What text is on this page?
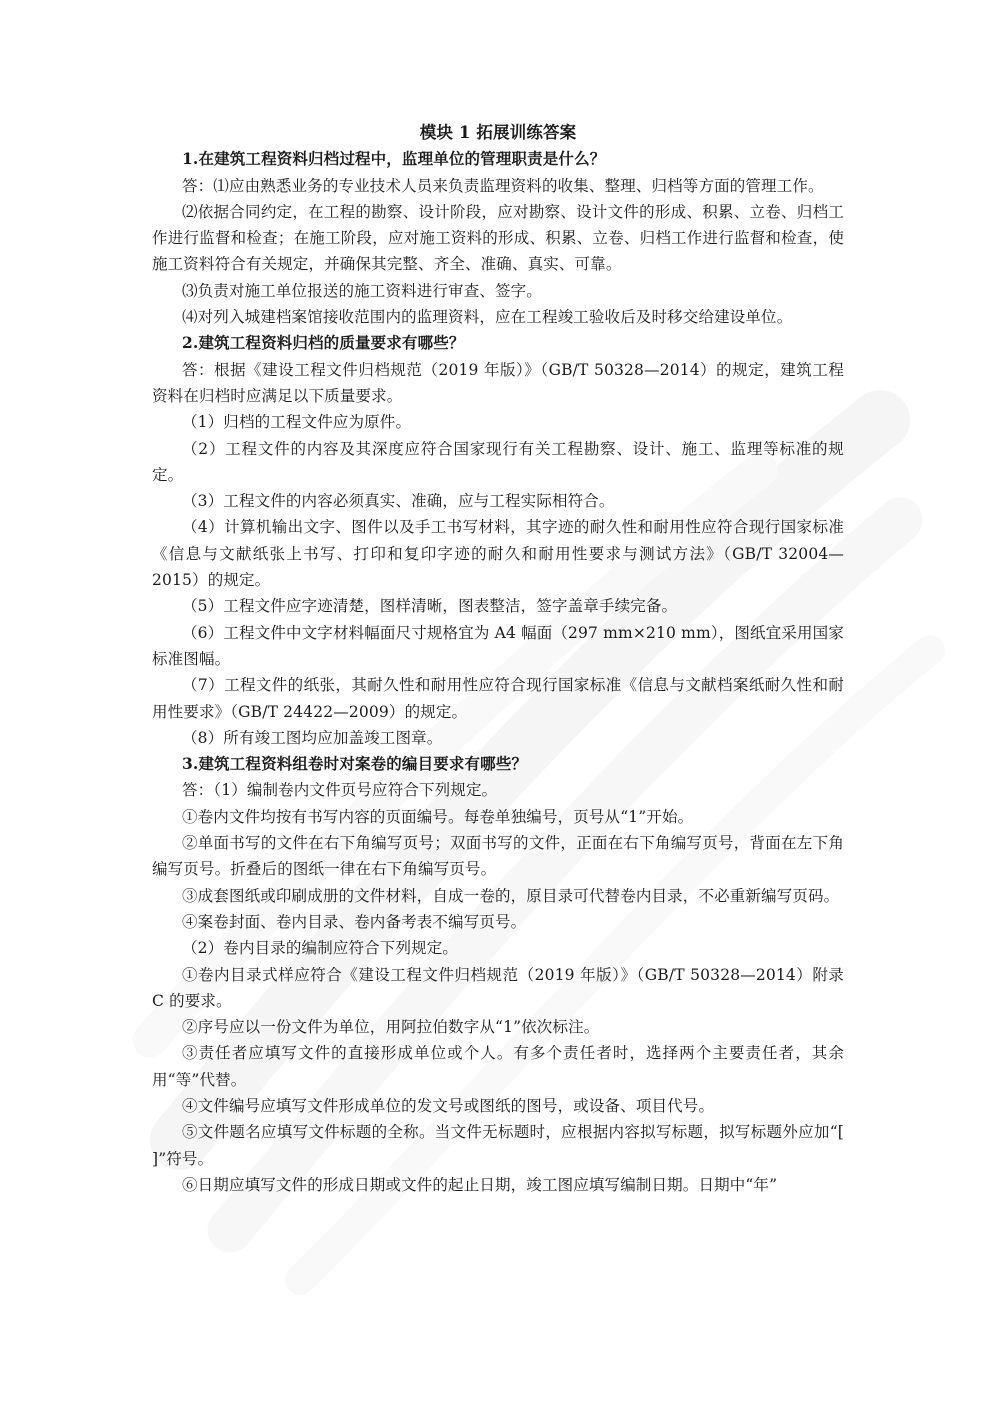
模块 1 拓展训练答案

1.在建筑工程资料归档过程中，监理单位的管理职责是什么？

答：⑴应由熟悉业务的专业技术人员来负责监理资料的收集、整理、归档等方面的管理工作。

⑵依据合同约定，在工程的勘察、设计阶段，应对勘察、设计文件的形成、积累、立卷、归档工作进行监督和检查；在施工阶段，应对施工资料的形成、积累、立卷、归档工作进行监督和检查，使施工资料符合有关规定，并确保其完整、齐全、准确、真实、可靠。

⑶负责对施工单位报送的施工资料进行审查、签字。

⑷对列入城建档案馆接收范围内的监理资料，应在工程竣工验收后及时移交给建设单位。

2.建筑工程资料归档的质量要求有哪些？

答：根据《建设工程文件归档规范（2019 年版）》（GB/T 50328—2014）的规定，建筑工程资料在归档时应满足以下质量要求。

（1）归档的工程文件应为原件。

（2）工程文件的内容及其深度应符合国家现行有关工程勘察、设计、施工、监理等标准的规定。

（3）工程文件的内容必须真实、准确，应与工程实际相符合。

（4）计算机输出文字、图件以及手工书写材料，其字迹的耐久性和耐用性应符合现行国家标准《信息与文献纸张上书写、打印和复印字迹的耐久和耐用性要求与测试方法》（GB/T 32004—2015）的规定。

（5）工程文件应字迹清楚，图样清晰，图表整洁，签字盖章手续完备。

（6）工程文件中文字材料幅面尺寸规格宜为 A4 幅面（297 mm×210 mm），图纸宜采用国家标准图幅。

（7）工程文件的纸张，其耐久性和耐用性应符合现行国家标准《信息与文献档案纸耐久性和耐用性要求》（GB/T 24422—2009）的规定。

（8）所有竣工图均应加盖竣工图章。

3.建筑工程资料组卷时对案卷的编目要求有哪些？

答：（1）编制卷内文件页号应符合下列规定。

①卷内文件均按有书写内容的页面编号。每卷单独编号，页号从“1”开始。

②单面书写的文件在右下角编写页号；双面书写的文件，正面在右下角编写页号，背面在左下角编写页号。折叠后的图纸一律在右下角编写页号。

③成套图纸或印刷成册的文件材料，自成一卷的，原目录可代替卷内目录，不必重新编写页码。

④案卷封面、卷内目录、卷内备考表不编写页号。

（2）卷内目录的编制应符合下列规定。

①卷内目录式样应符合《建设工程文件归档规范（2019 年版）》（GB/T 50328—2014）附录 C 的要求。

②序号应以一份文件为单位，用阿拉伯数字从“1”依次标注。

③责任者应填写文件的直接形成单位或个人。有多个责任者时，选择两个主要责任者，其余用“等”代替。

④文件编号应填写文件形成单位的发文号或图纸的图号，或设备、项目代号。

⑤文件题名应填写文件标题的全称。当文件无标题时，应根据内容拟写标题，拟写标题外应加“[ ]”符号。

⑥日期应填写文件的形成日期或文件的起止日期，竣工图应填写编制日期。日期中“年”
